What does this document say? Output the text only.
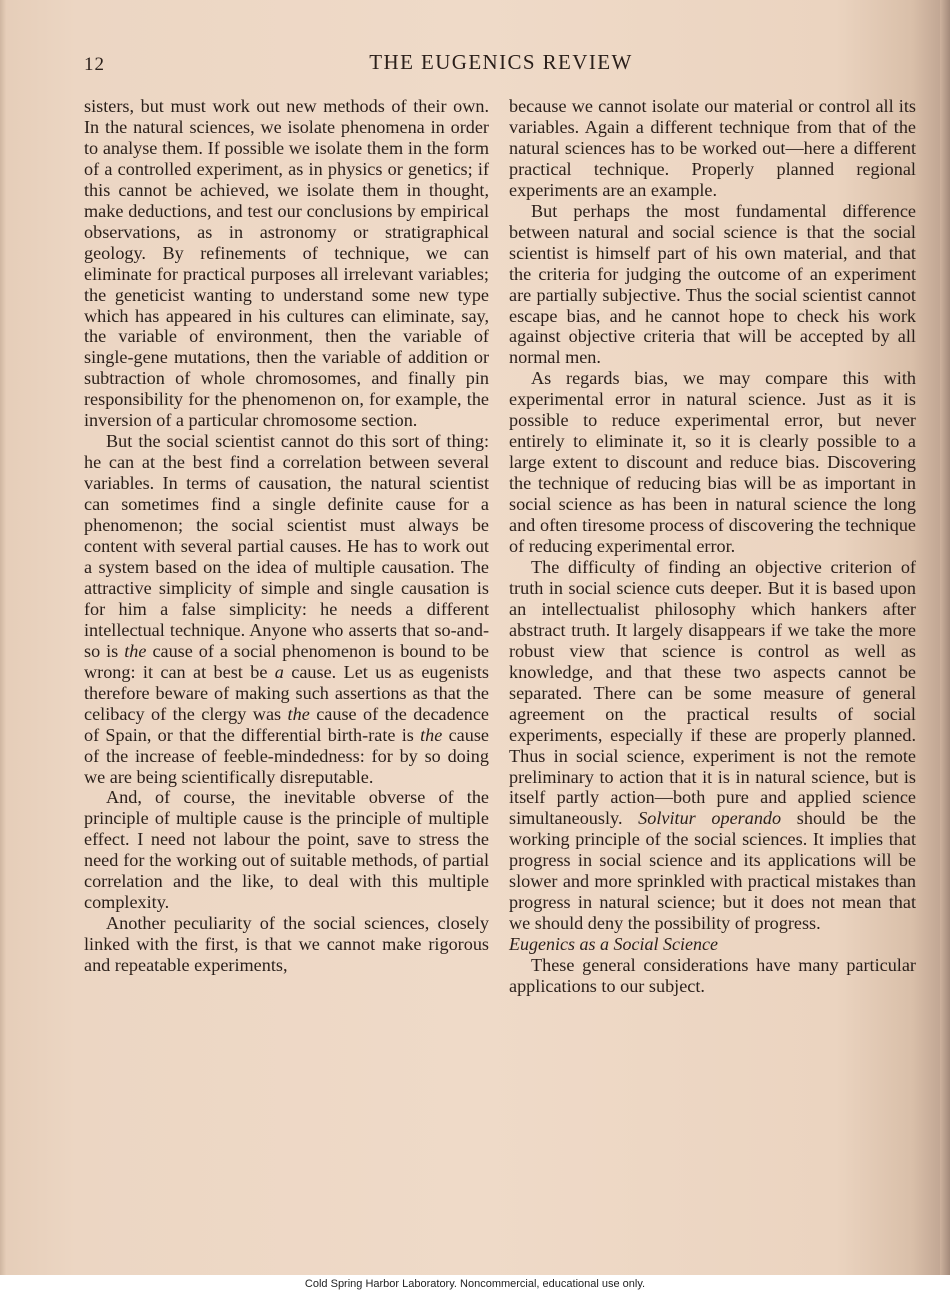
12	THE EUGENICS REVIEW

sisters, but must work out new methods of their own. In the natural sciences, we isolate phenomena in order to analyse them. If possible we isolate them in the form of a controlled experiment, as in physics or genetics; if this cannot be achieved, we isolate them in thought, make deductions, and test our conclusions by empirical observations, as in astronomy or stratigraphical geology. By refinements of technique, we can eliminate for practical purposes all irrelevant variables; the geneticist wanting to understand some new type which has appeared in his cultures can eliminate, say, the variable of environment, then the variable of single-gene mutations, then the variable of addition or subtraction of whole chromosomes, and finally pin responsibility for the phenomenon on, for example, the inversion of a particular chromosome section.

But the social scientist cannot do this sort of thing: he can at the best find a correlation between several variables. In terms of causation, the natural scientist can sometimes find a single definite cause for a phenomenon; the social scientist must always be content with several partial causes. He has to work out a system based on the idea of multiple causation. The attractive simplicity of simple and single causation is for him a false simplicity: he needs a different intellectual technique. Anyone who asserts that so-and-so is the cause of a social phenomenon is bound to be wrong: it can at best be a cause. Let us as eugenists therefore beware of making such assertions as that the celibacy of the clergy was the cause of the decadence of Spain, or that the differential birth-rate is the cause of the increase of feeble-mindedness: for by so doing we are being scientifically disreputable.

And, of course, the inevitable obverse of the principle of multiple cause is the principle of multiple effect. I need not labour the point, save to stress the need for the working out of suitable methods, of partial correlation and the like, to deal with this multiple complexity.

Another peculiarity of the social sciences, closely linked with the first, is that we cannot make rigorous and repeatable experiments,

because we cannot isolate our material or control all its variables. Again a different technique from that of the natural sciences has to be worked out—here a different practical technique. Properly planned regional experiments are an example.

But perhaps the most fundamental difference between natural and social science is that the social scientist is himself part of his own material, and that the criteria for judging the outcome of an experiment are partially subjective. Thus the social scientist cannot escape bias, and he cannot hope to check his work against objective criteria that will be accepted by all normal men.

As regards bias, we may compare this with experimental error in natural science. Just as it is possible to reduce experimental error, but never entirely to eliminate it, so it is clearly possible to a large extent to discount and reduce bias. Discovering the technique of reducing bias will be as important in social science as has been in natural science the long and often tiresome process of discovering the technique of reducing experimental error.

The difficulty of finding an objective criterion of truth in social science cuts deeper. But it is based upon an intellectualist philosophy which hankers after abstract truth. It largely disappears if we take the more robust view that science is control as well as knowledge, and that these two aspects cannot be separated. There can be some measure of general agreement on the practical results of social experiments, especially if these are properly planned. Thus in social science, experiment is not the remote preliminary to action that it is in natural science, but is itself partly action—both pure and applied science simultaneously. Solvitur operando should be the working principle of the social sciences. It implies that progress in social science and its applications will be slower and more sprinkled with practical mistakes than progress in natural science; but it does not mean that we should deny the possibility of progress.

Eugenics as a Social Science

These general considerations have many particular applications to our subject.

Cold Spring Harbor Laboratory. Noncommercial, educational use only.
